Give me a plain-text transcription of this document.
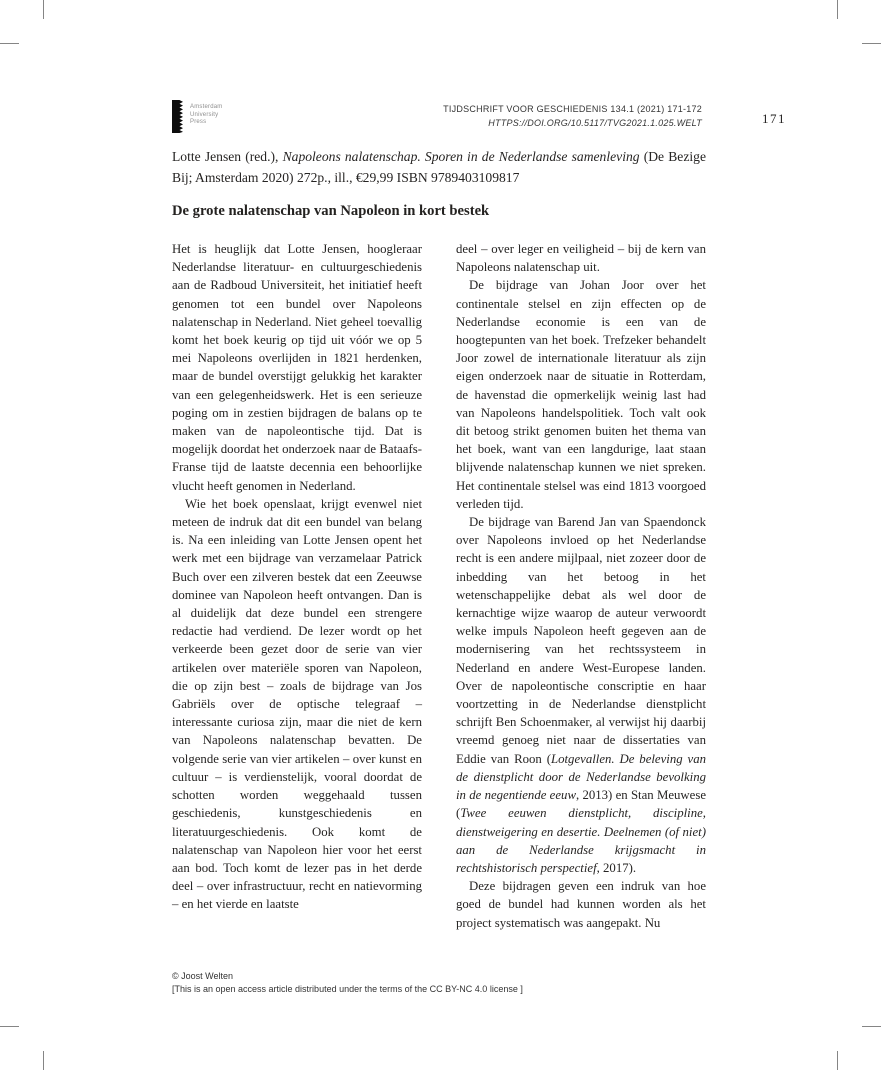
Amsterdam
University
Press
TIJDSCHRIFT VOOR GESCHIEDENIS 134.1 (2021) 171-172
HTTPS://DOI.ORG/10.5117/TVG2021.1.025.WELT	171

Lotte Jensen (red.), Napoleons nalatenschap. Sporen in de Nederlandse samenleving (De Bezige Bij; Amsterdam 2020) 272p., ill., €29,99 ISBN 9789403109817

De grote nalatenschap van Napoleon in kort bestek

Het is heuglijk dat Lotte Jensen, hoogleraar Nederlandse literatuur- en cultuurgeschiedenis aan de Radboud Universiteit, het initiatief heeft genomen tot een bundel over Napoleons nalatenschap in Nederland. Niet geheel toevallig komt het boek keurig op tijd uit vóór we op 5 mei Napoleons overlijden in 1821 herdenken, maar de bundel overstijgt gelukkig het karakter van een gelegenheidswerk. Het is een serieuze poging om in zestien bijdragen de balans op te maken van de napoleontische tijd. Dat is mogelijk doordat het onderzoek naar de Bataafs-Franse tijd de laatste decennia een behoorlijke vlucht heeft genomen in Nederland.

Wie het boek openslaat, krijgt evenwel niet meteen de indruk dat dit een bundel van belang is. Na een inleiding van Lotte Jensen opent het werk met een bijdrage van verzamelaar Patrick Buch over een zilveren bestek dat een Zeeuwse dominee van Napoleon heeft ontvangen. Dan is al duidelijk dat deze bundel een strengere redactie had verdiend. De lezer wordt op het verkeerde been gezet door de serie van vier artikelen over materiële sporen van Napoleon, die op zijn best – zoals de bijdrage van Jos Gabriëls over de optische telegraaf – interessante curiosa zijn, maar die niet de kern van Napoleons nalatenschap bevatten. De volgende serie van vier artikelen – over kunst en cultuur – is verdienstelijk, vooral doordat de schotten worden weggehaald tussen geschiedenis, kunstgeschiedenis en literatuurgeschiedenis. Ook komt de nalatenschap van Napoleon hier voor het eerst aan bod. Toch komt de lezer pas in het derde deel – over infrastructuur, recht en natievorming – en het vierde en laatste

deel – over leger en veiligheid – bij de kern van Napoleons nalatenschap uit.

De bijdrage van Johan Joor over het continentale stelsel en zijn effecten op de Nederlandse economie is een van de hoogtepunten van het boek. Trefzeker behandelt Joor zowel de internationale literatuur als zijn eigen onderzoek naar de situatie in Rotterdam, de havenstad die opmerkelijk weinig last had van Napoleons handelspolitiek. Toch valt ook dit betoog strikt genomen buiten het thema van het boek, want van een langdurige, laat staan blijvende nalatenschap kunnen we niet spreken. Het continentale stelsel was eind 1813 voorgoed verleden tijd.

De bijdrage van Barend Jan van Spaendonck over Napoleons invloed op het Nederlandse recht is een andere mijlpaal, niet zozeer door de inbedding van het betoog in het wetenschappelijke debat als wel door de kernachtige wijze waarop de auteur verwoordt welke impuls Napoleon heeft gegeven aan de modernisering van het rechtssysteem in Nederland en andere West-Europese landen. Over de napoleontische conscriptie en haar voortzetting in de Nederlandse dienstplicht schrijft Ben Schoenmaker, al verwijst hij daarbij vreemd genoeg niet naar de dissertaties van Eddie van Roon (Lotgevallen. De beleving van de dienstplicht door de Nederlandse bevolking in de negentiende eeuw, 2013) en Stan Meuwese (Twee eeuwen dienstplicht, discipline, dienstweigering en desertie. Deelnemen (of niet) aan de Nederlandse krijgsmacht in rechtshistorisch perspectief, 2017).

Deze bijdragen geven een indruk van hoe goed de bundel had kunnen worden als het project systematisch was aangepakt. Nu

© Joost Welten
[This is an open access article distributed under the terms of the CC BY-NC 4.0 license ]
